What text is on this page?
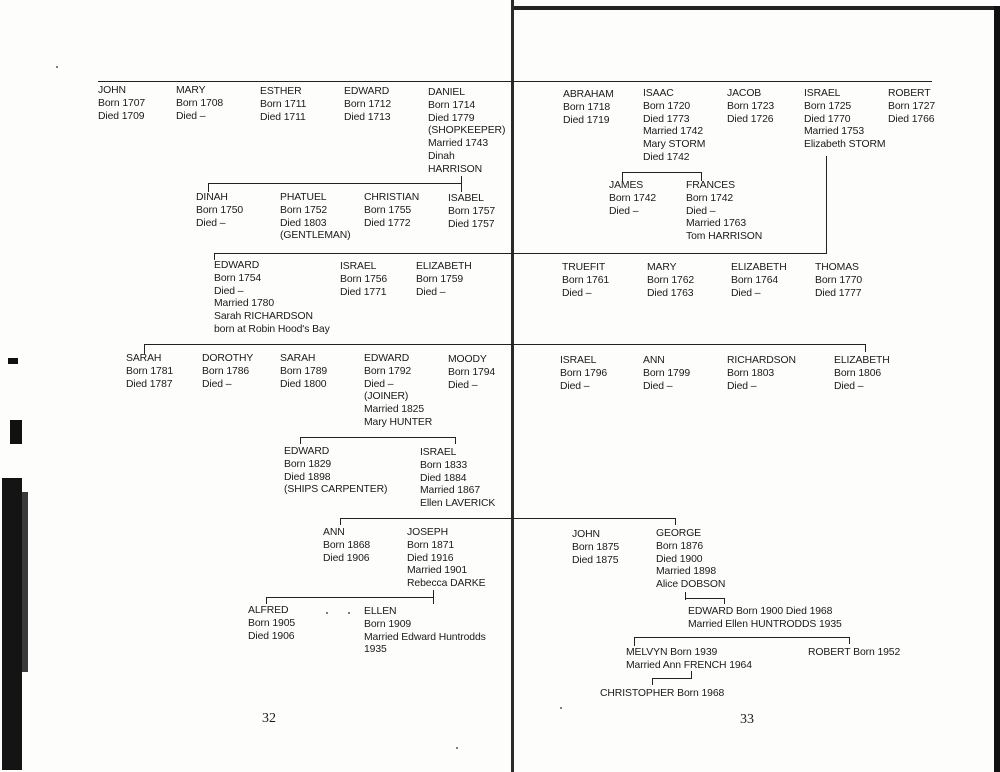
JOHN
Born 1707
Died 1709
MARY
Born 1708
Died –
ESTHER
Born 1711
Died 1711
EDWARD
Born 1712
Died 1713
DANIEL
Born 1714
Died 1779
(SHOPKEEPER)
Married 1743
Dinah
HARRISON
ABRAHAM
Born 1718
Died 1719
ISAAC
Born 1720
Died 1773
Married 1742
Mary STORM
Died 1742
JACOB
Born 1723
Died 1726
ISRAEL
Born 1725
Died 1770
Married 1753
Elizabeth STORM
ROBERT
Born 1727
Died 1766
DINAH
Born 1750
Died –
PHATUEL
Born 1752
Died 1803
(GENTLEMAN)
CHRISTIAN
Born 1755
Died 1772
ISABEL
Born 1757
Died 1757
JAMES
Born 1742
Died –
FRANCES
Born 1742
Died –
Married 1763
Tom HARRISON
EDWARD
Born 1754
Died –
Married 1780
Sarah RICHARDSON
born at Robin Hood's Bay
ISRAEL
Born 1756
Died 1771
ELIZABETH
Born 1759
Died –
TRUEFIT
Born 1761
Died –
MARY
Born 1762
Died 1763
ELIZABETH
Born 1764
Died –
THOMAS
Born 1770
Died 1777
SARAH
Born 1781
Died 1787
DOROTHY
Born 1786
Died –
SARAH
Born 1789
Died 1800
EDWARD
Born 1792
Died –
(JOINER)
Married 1825
Mary HUNTER
MOODY
Born 1794
Died –
ISRAEL
Born 1796
Died –
ANN
Born 1799
Died –
RICHARDSON
Born 1803
Died –
ELIZABETH
Born 1806
Died –
EDWARD
Born 1829
Died 1898
(SHIPS CARPENTER)
ISRAEL
Born 1833
Died 1884
Married 1867
Ellen LAVERICK
ANN
Born 1868
Died 1906
JOSEPH
Born 1871
Died 1916
Married 1901
Rebecca DARKE
JOHN
Born 1875
Died 1875
GEORGE
Born 1876
Died 1900
Married 1898
Alice DOBSON
ALFRED
Born 1905
Died 1906
ELLEN
Born 1909
Married Edward Huntrodds
1935
EDWARD Born 1900 Died 1968
Married Ellen HUNTRODDS 1935
MELVYN Born 1939
Married Ann FRENCH 1964
ROBERT Born 1952
CHRISTOPHER Born 1968
32	33
